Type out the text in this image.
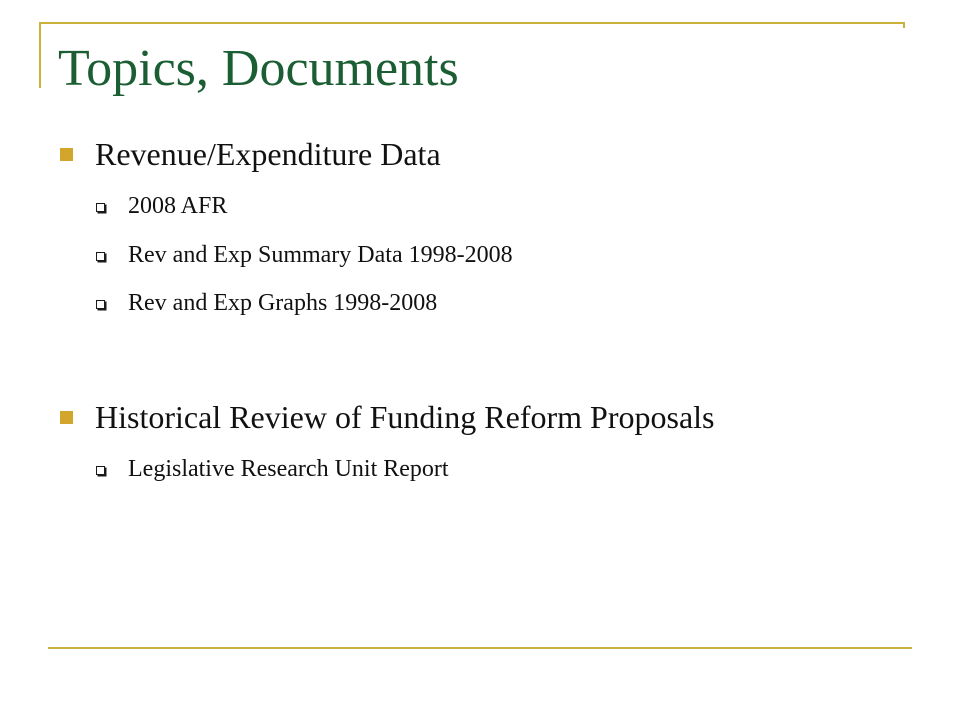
Topics, Documents
Revenue/Expenditure Data
2008 AFR
Rev and Exp Summary Data 1998-2008
Rev and Exp Graphs 1998-2008
Historical Review of Funding Reform Proposals
Legislative Research Unit Report
